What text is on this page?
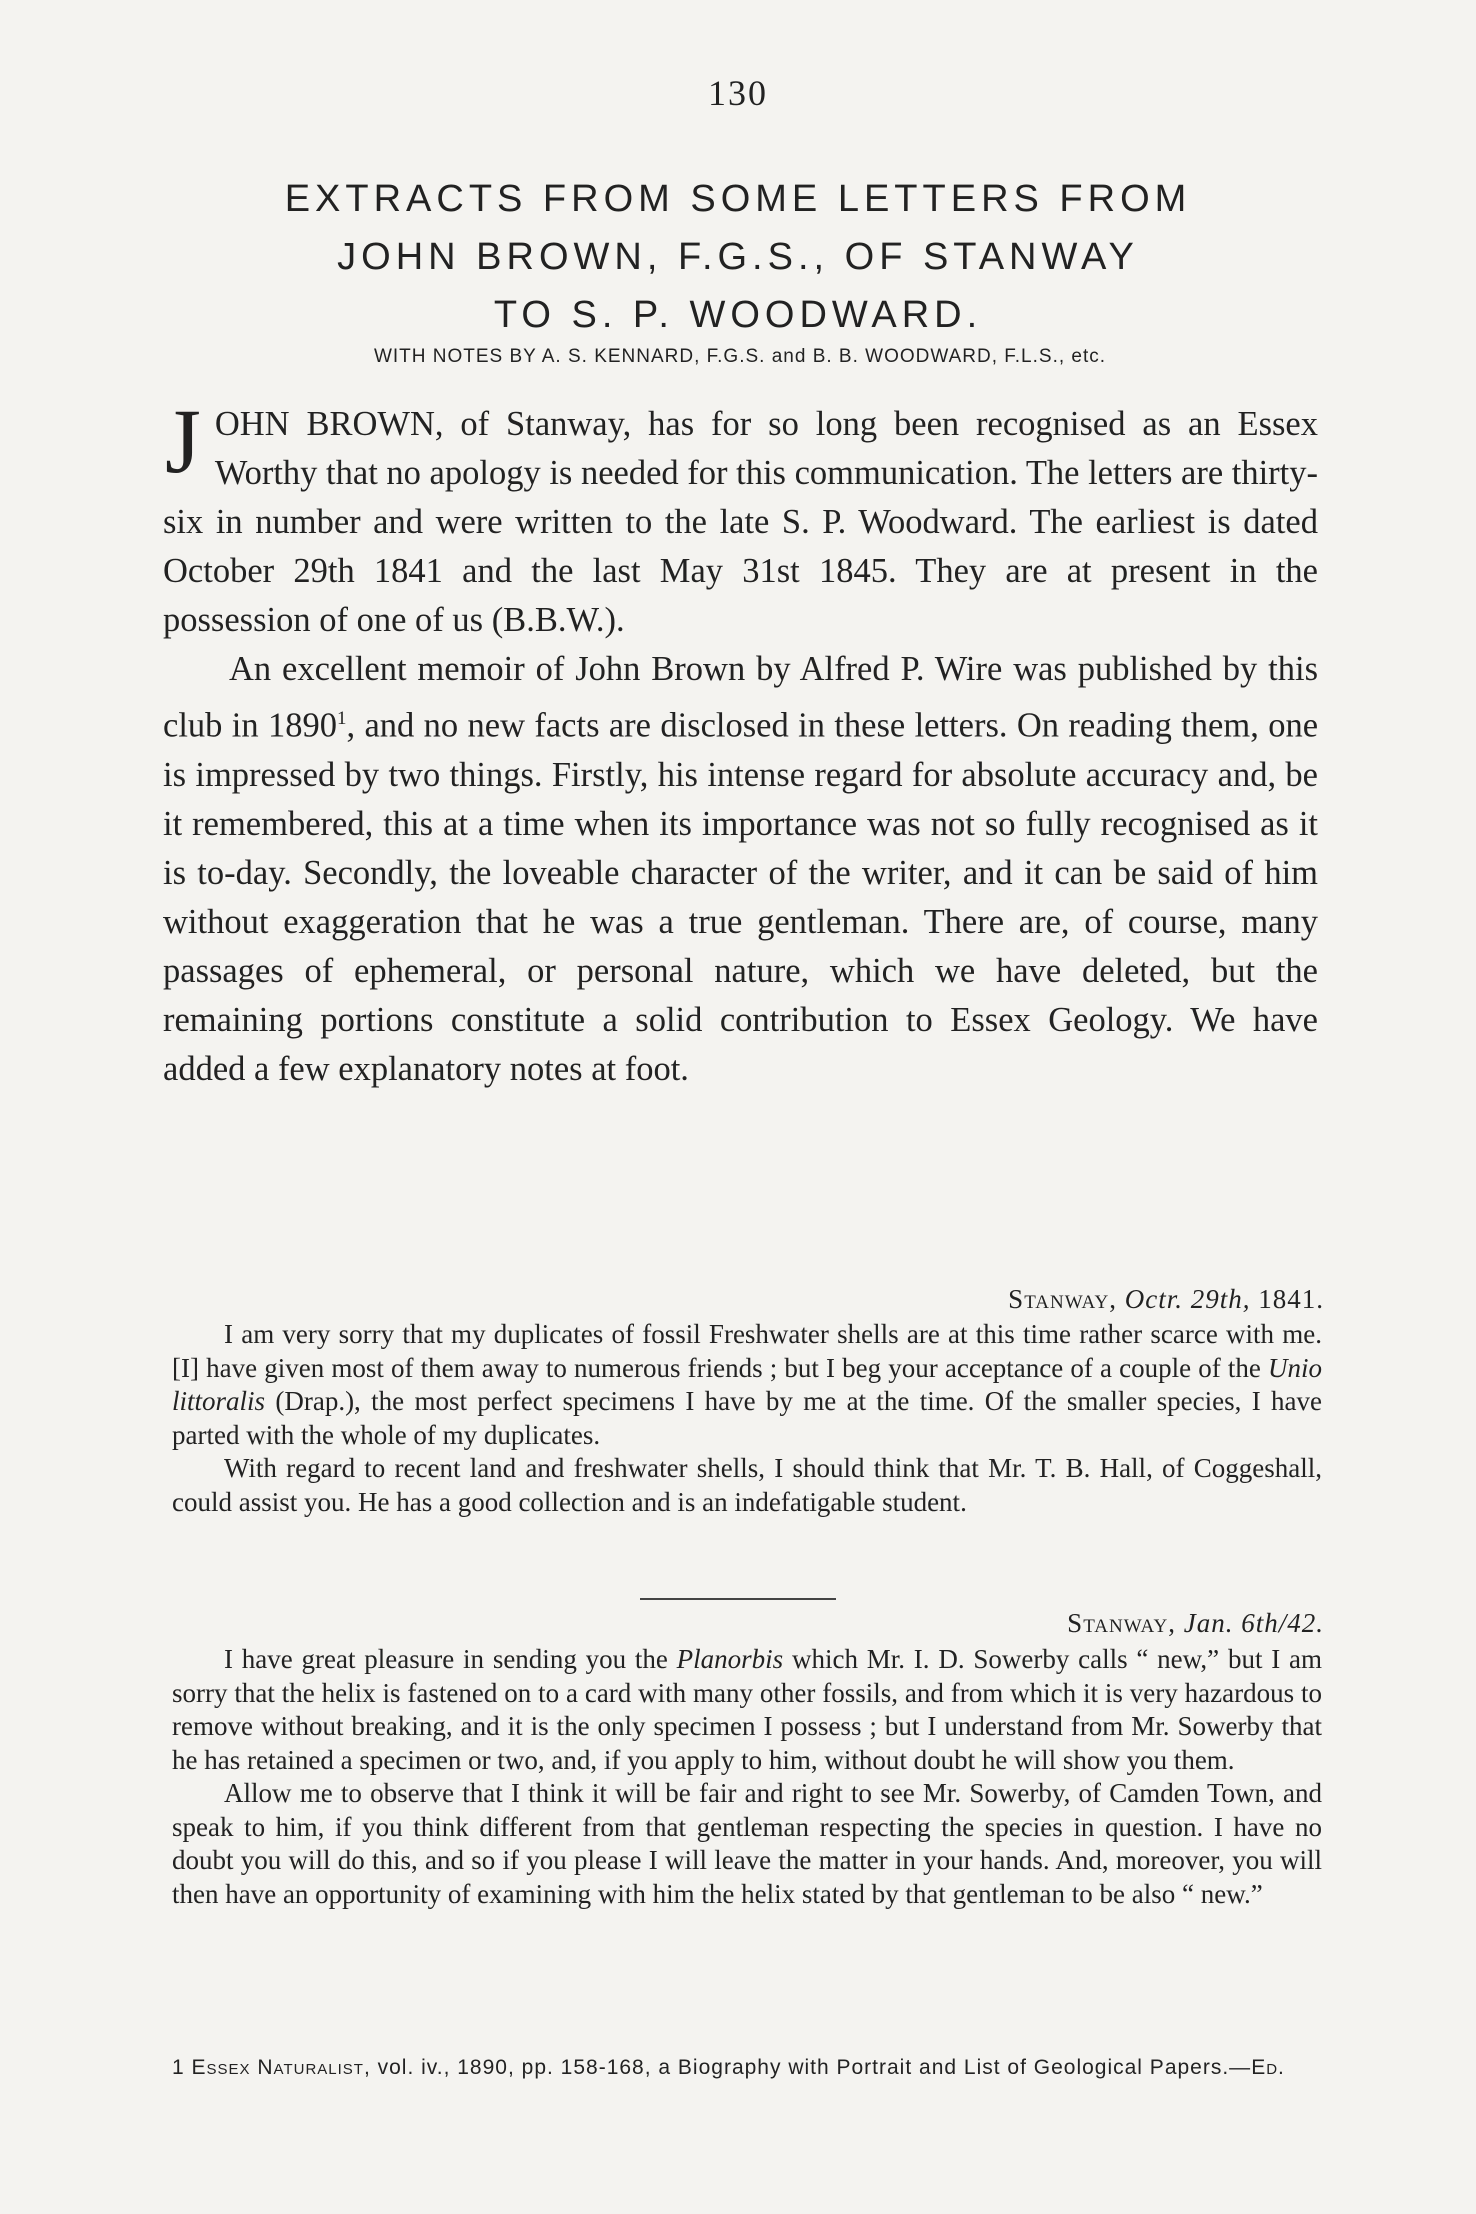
130
EXTRACTS FROM SOME LETTERS FROM
JOHN BROWN, F.G.S., OF STANWAY
TO S. P. WOODWARD.
WITH NOTES BY A. S. KENNARD, F.G.S. and B. B. WOODWARD, F.L.S., etc.

JOHN BROWN, of Stanway, has for so long been recognised as an Essex Worthy that no apology is needed for this communication. The letters are thirty-six in number and were written to the late S. P. Woodward. The earliest is dated October 29th 1841 and the last May 31st 1845. They are at present in the possession of one of us (B.B.W.).

An excellent memoir of John Brown by Alfred P. Wire was published by this club in 1890$^1$, and no new facts are disclosed in these letters. On reading them, one is impressed by two things. Firstly, his intense regard for absolute accuracy and, be it remembered, this at a time when its importance was not so fully recognised as it is to-day. Secondly, the loveable character of the writer, and it can be said of him without exaggeration that he was a true gentleman. There are, of course, many passages of ephemeral, or personal nature, which we have deleted, but the remaining portions constitute a solid contribution to Essex Geology. We have added a few explanatory notes at foot.

Stanway, Octr. 29th, 1841.

I am very sorry that my duplicates of fossil Freshwater shells are at this time rather scarce with me. [I] have given most of them away to numerous friends ; but I beg your acceptance of a couple of the Unio littoralis (Drap.), the most perfect specimens I have by me at the time. Of the smaller species, I have parted with the whole of my duplicates.

With regard to recent land and freshwater shells, I should think that Mr. T. B. Hall, of Coggeshall, could assist you. He has a good collection and is an indefatigable student.

Stanway, Jan. 6th/42.

I have great pleasure in sending you the Planorbis which Mr. I. D. Sowerby calls “ new,” but I am sorry that the helix is fastened on to a card with many other fossils, and from which it is very hazardous to remove without breaking, and it is the only specimen I possess ; but I understand from Mr. Sowerby that he has retained a specimen or two, and, if you apply to him, without doubt he will show you them.

Allow me to observe that I think it will be fair and right to see Mr. Sowerby, of Camden Town, and speak to him, if you think different from that gentleman respecting the species in question. I have no doubt you will do this, and so if you please I will leave the matter in your hands. And, moreover, you will then have an opportunity of examining with him the helix stated by that gentleman to be also “ new.”

1 Essex Naturalist, vol. iv., 1890, pp. 158-168, a Biography with Portrait and List of Geological Papers.—Ed.
